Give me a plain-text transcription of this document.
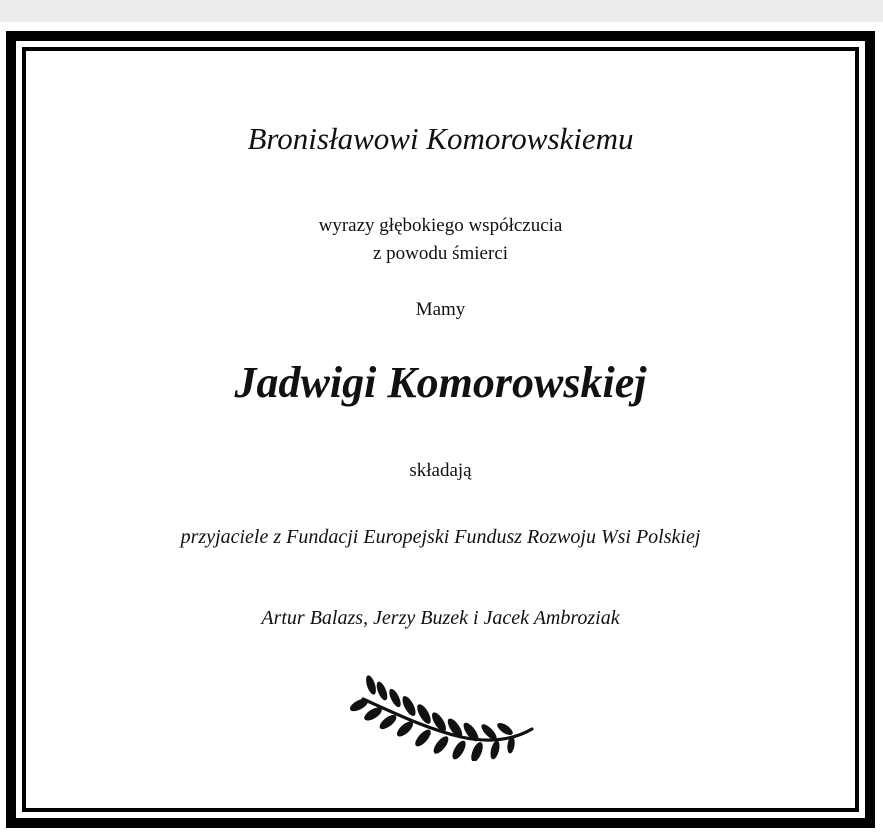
Bronisławowi Komorowskiemu
wyrazy głębokiego współczucia
z powodu śmierci
Mamy
Jadwigi Komorowskiej
składają
przyjaciele z Fundacji Europejski Fundusz Rozwoju Wsi Polskiej
Artur Balazs, Jerzy Buzek i Jacek Ambroziak
